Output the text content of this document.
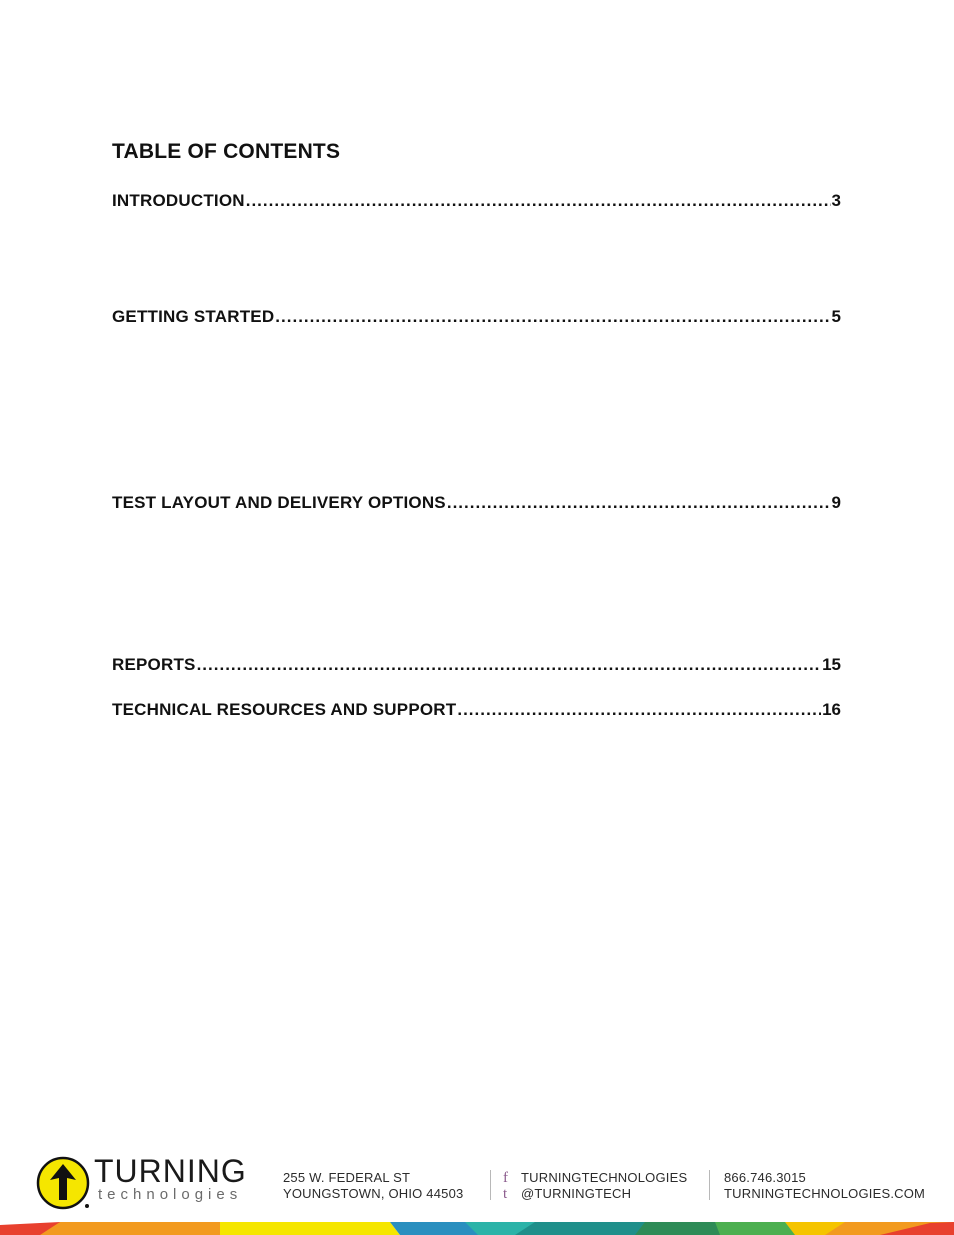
TABLE OF CONTENTS
INTRODUCTION .....	3
GETTING STARTED .....	5
TEST LAYOUT AND DELIVERY OPTIONS .....	9
REPORTS .....	15
TECHNICAL RESOURCES AND SUPPORT .....	16
TURNING
technologies
255 W. FEDERAL ST
YOUNGSTOWN, OHIO 44503
f TURNINGTECHNOLOGIES
t @TURNINGTECH
866.746.3015
TURNINGTECHNOLOGIES.COM
